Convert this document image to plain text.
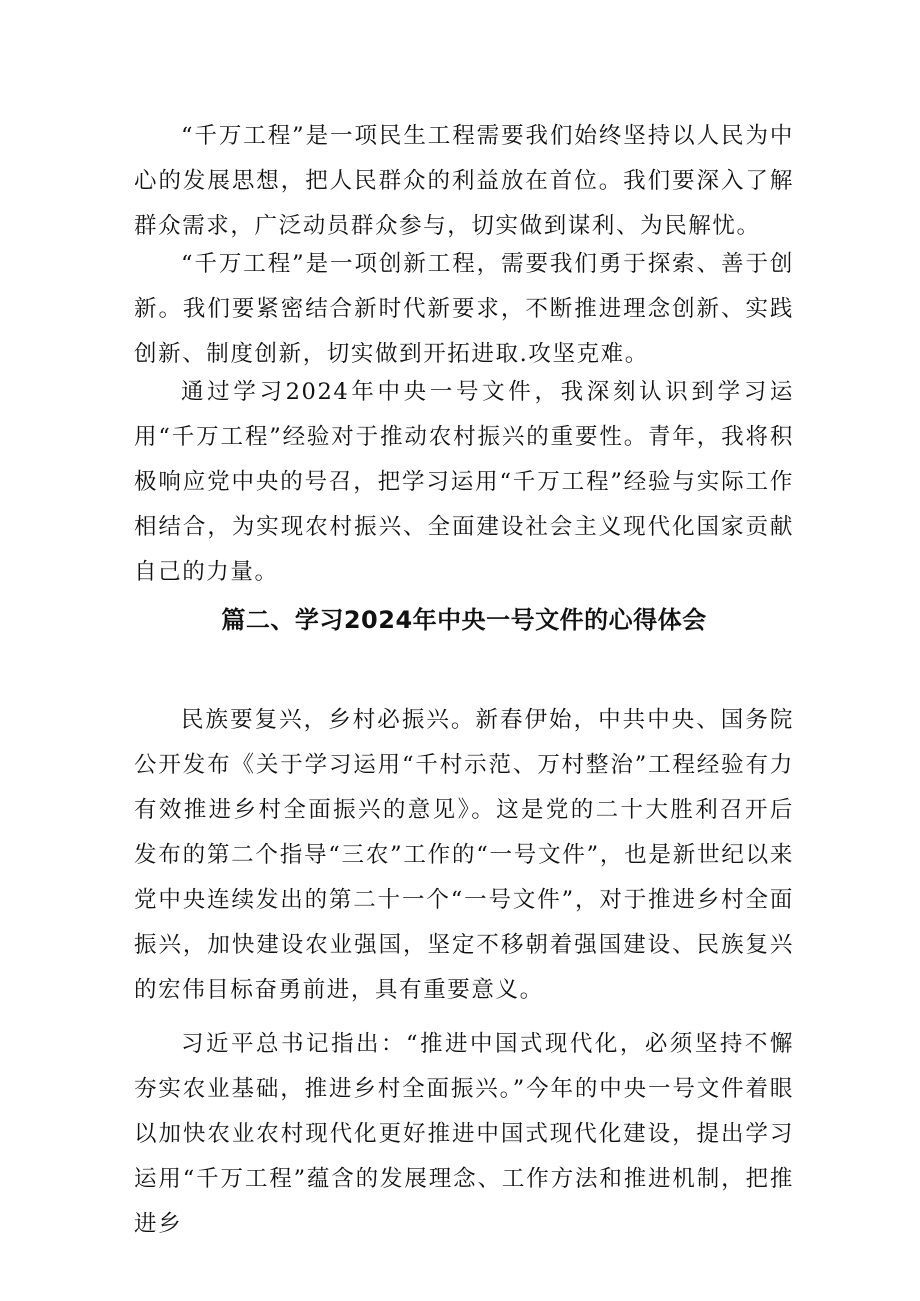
“千万工程”是一项民生工程需要我们始终坚持以人民为中心的发展思想，把人民群众的利益放在首位。我们要深入了解群众需求，广泛动员群众参与，切实做到谋利、为民解忧。

“千万工程”是一项创新工程，需要我们勇于探索、善于创新。我们要紧密结合新时代新要求，不断推进理念创新、实践创新、制度创新，切实做到开拓进取.攻坚克难。

通过学习2024年中央一号文件，我深刻认识到学习运用“千万工程”经验对于推动农村振兴的重要性。青年，我将积极响应党中央的号召，把学习运用“千万工程”经验与实际工作相结合，为实现农村振兴、全面建设社会主义现代化国家贡献自己的力量。

篇二、学习2024年中央一号文件的心得体会

民族要复兴，乡村必振兴。新春伊始，中共中央、国务院公开发布《关于学习运用“千村示范、万村整治”工程经验有力有效推进乡村全面振兴的意见》。这是党的二十大胜利召开后发布的第二个指导“三农”工作的“一号文件”，也是新世纪以来党中央连续发出的第二十一个“一号文件”，对于推进乡村全面振兴，加快建设农业强国，坚定不移朝着强国建设、民族复兴的宏伟目标奋勇前进，具有重要意义。

习近平总书记指出：“推进中国式现代化，必须坚持不懈夯实农业基础，推进乡村全面振兴。”今年的中央一号文件着眼以加快农业农村现代化更好推进中国式现代化建设，提出学习运用“千万工程”蕴含的发展理念、工作方法和推进机制，把推进乡
